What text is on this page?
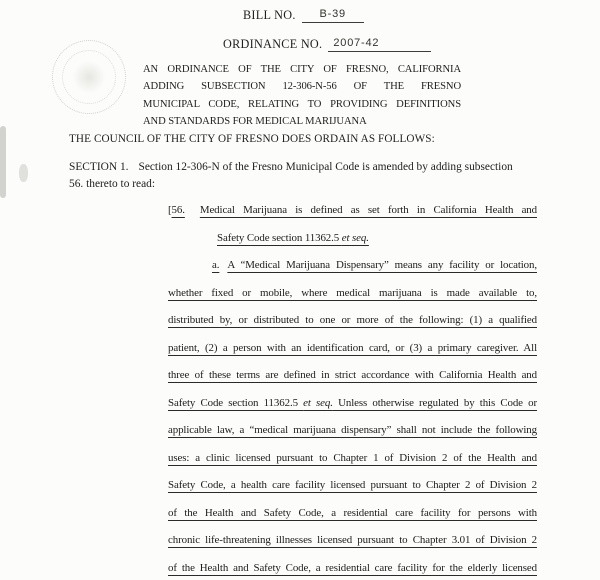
BILL NO.	B-39
ORDINANCE NO.	2007-42
AN ORDINANCE OF THE CITY OF FRESNO, CALIFORNIA
ADDING SUBSECTION 12-306-N-56 OF THE FRESNO
MUNICIPAL CODE, RELATING TO PROVIDING DEFINITIONS
AND STANDARDS FOR MEDICAL MARIJUANA
THE COUNCIL OF THE CITY OF FRESNO DOES ORDAIN AS FOLLOWS:
SECTION 1. Section 12-306-N of the Fresno Municipal Code is amended by adding subsection
56. thereto to read:
[56. Medical Marijuana is defined as set forth in California Health and
Safety Code section 11362.5 et seq.
a. A “Medical Marijuana Dispensary” means any facility or location,
whether fixed or mobile, where medical marijuana is made available to,
distributed by, or distributed to one or more of the following: (1) a qualified
patient, (2) a person with an identification card, or (3) a primary caregiver. All
three of these terms are defined in strict accordance with California Health and
Safety Code section 11362.5 et seq. Unless otherwise regulated by this Code or
applicable law, a “medical marijuana dispensary” shall not include the following
uses: a clinic licensed pursuant to Chapter 1 of Division 2 of the Health and
Safety Code, a health care facility licensed pursuant to Chapter 2 of Division 2
of the Health and Safety Code, a residential care facility for persons with
chronic life-threatening illnesses licensed pursuant to Chapter 3.01 of Division 2
of the Health and Safety Code, a residential care facility for the elderly licensed
